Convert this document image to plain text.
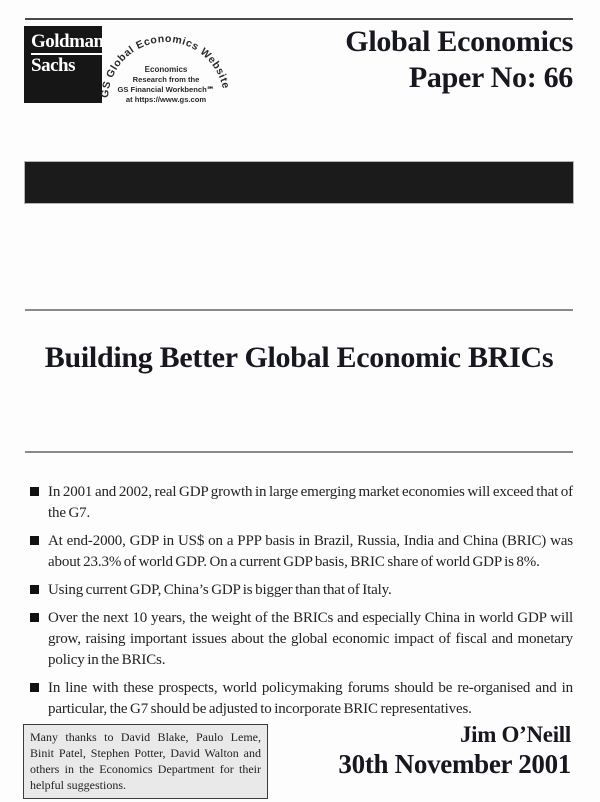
Goldman
Sachs
GS Global Economics Website
Economics
Research from the
GS Financial Workbench℠
at https://www.gs.com
Global Economics
Paper No: 66
Building Better Global Economic BRICs
In 2001 and 2002, real GDP growth in large emerging market economies will exceed that of the G7.
At end-2000, GDP in US$ on a PPP basis in Brazil, Russia, India and China (BRIC) was about 23.3% of world GDP. On a current GDP basis, BRIC share of world GDP is 8%.
Using current GDP, China’s GDP is bigger than that of Italy.
Over the next 10 years, the weight of the BRICs and especially China in world GDP will grow, raising important issues about the global economic impact of fiscal and monetary policy in the BRICs.
In line with these prospects, world policymaking forums should be re-organised and in particular, the G7 should be adjusted to incorporate BRIC representatives.
Many thanks to David Blake, Paulo Leme, Binit Patel, Stephen Potter, David Walton and others in the Economics Department for their helpful suggestions.
Jim O’Neill
30th November 2001
